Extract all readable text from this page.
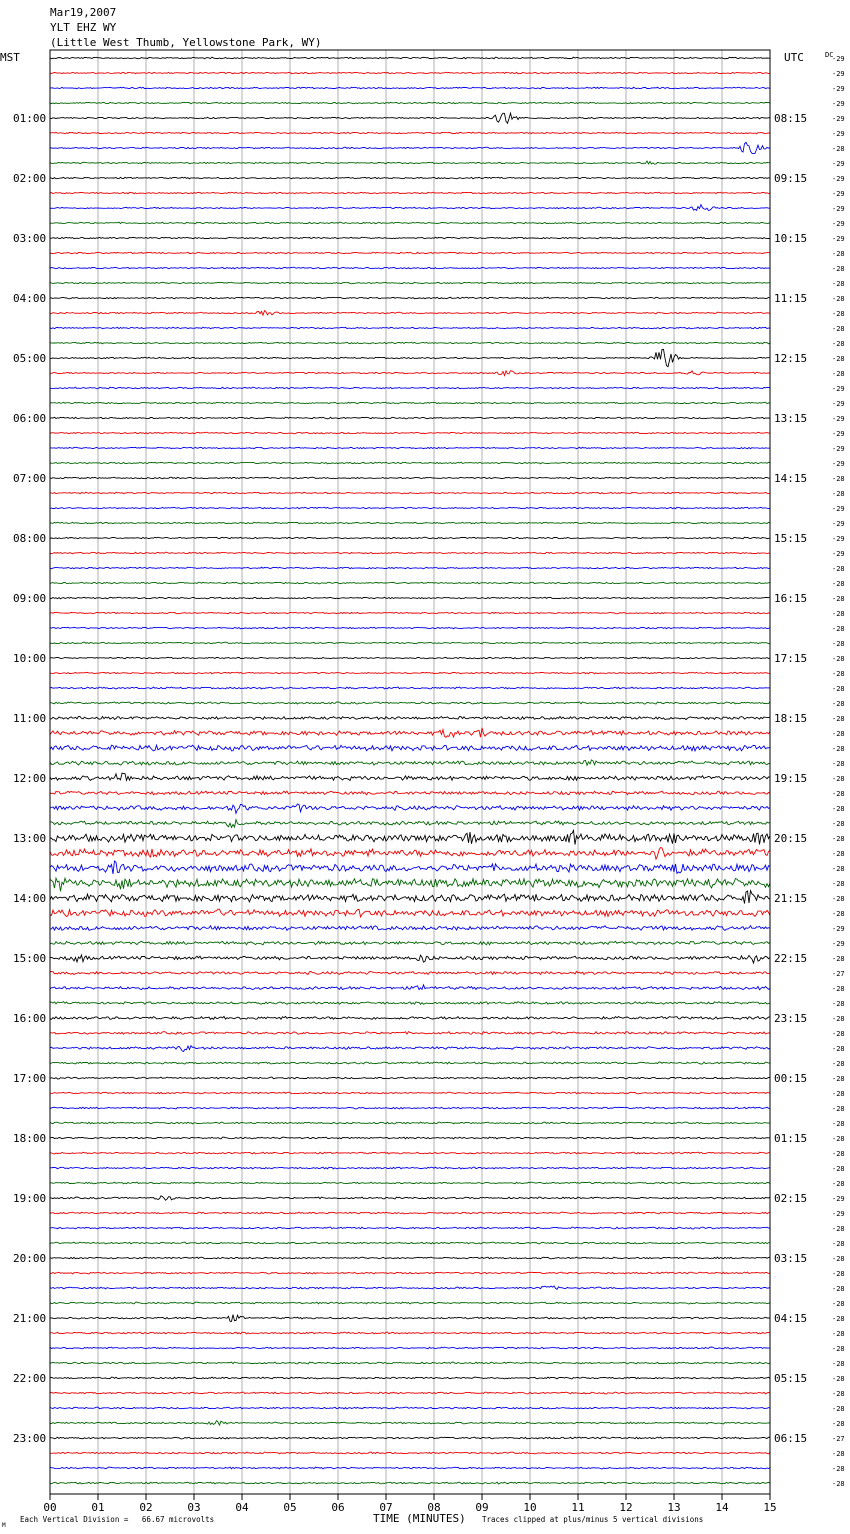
Mar19,2007
YLT EHZ WY
(Little West Thumb, Yellowstone Park, WY)
MST	UTC	DC
01:00
02:00
03:00
04:00
05:00
06:00
07:00
08:00
09:00
10:00
11:00
12:00
13:00
14:00
15:00
16:00
17:00
18:00
19:00
20:00
21:00
22:00
23:00
08:15
09:15
10:15
11:15
12:15
13:15
14:15
15:15
16:15
17:15
18:15
19:15
20:15
21:15
22:15
23:15
00:15
01:15
02:15
03:15
04:15
05:15
06:15
-29
-29
-29
-29
-29
-29
-28
-29
-29
-29
-29
-29
-29
-28
-28
-28
-28
-28
-28
-28
-28
-28
-29
-29
-29
-29
-29
-29
-28
-28
-29
-29
-29
-29
-28
-28
-28
-28
-28
-28
-28
-28
-28
-28
-28
-28
-28
-28
-28
-28
-28
-28
-28
-28
-28
-28
-28
-28
-29
-29
-28
-27
-28
-28
-28
-28
-28
-28
-28
-28
-28
-28
-28
-28
-28
-28
-29
-29
-28
-28
-28
-28
-28
-28
-28
-28
-28
-28
-28
-28
-28
-28
-27
-28
-28
-28
00	01	02	03	04	05	06	07	08	09	10	11	12	13	14	15
TIME (MINUTES)
Each Vertical Division =   66.67 microvolts	Traces clipped at plus/minus 5 vertical divisions
M
